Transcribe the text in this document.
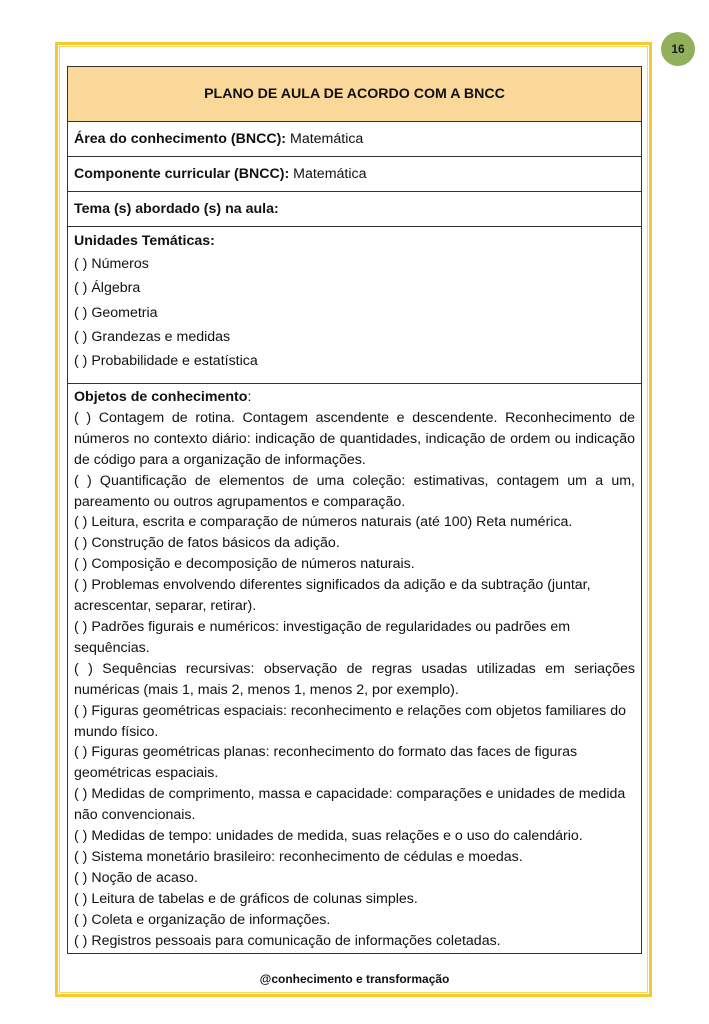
16
PLANO DE AULA DE ACORDO COM A BNCC
Área do conhecimento (BNCC): Matemática
Componente curricular (BNCC): Matemática
Tema (s) abordado (s) na aula:

Unidades Temáticas:
( ) Números
( ) Álgebra
( ) Geometria
( ) Grandezas e medidas
( ) Probabilidade e estatística

Objetos de conhecimento:
( ) Contagem de rotina. Contagem ascendente e descendente. Reconhecimento de números no contexto diário: indicação de quantidades, indicação de ordem ou indicação de código para a organização de informações.
( ) Quantificação de elementos de uma coleção: estimativas, contagem um a um, pareamento ou outros agrupamentos e comparação.
( ) Leitura, escrita e comparação de números naturais (até 100) Reta numérica.
( ) Construção de fatos básicos da adição.
( ) Composição e decomposição de números naturais.
( ) Problemas envolvendo diferentes significados da adição e da subtração (juntar, acrescentar, separar, retirar).
( ) Padrões figurais e numéricos: investigação de regularidades ou padrões em sequências.
( ) Sequências recursivas: observação de regras usadas utilizadas em seriações numéricas (mais 1, mais 2, menos 1, menos 2, por exemplo).
( ) Figuras geométricas espaciais: reconhecimento e relações com objetos familiares do mundo físico.
( ) Figuras geométricas planas: reconhecimento do formato das faces de figuras geométricas espaciais.
( ) Medidas de comprimento, massa e capacidade: comparações e unidades de medida não convencionais.
( ) Medidas de tempo: unidades de medida, suas relações e o uso do calendário.
( ) Sistema monetário brasileiro: reconhecimento de cédulas e moedas.
( ) Noção de acaso.
( ) Leitura de tabelas e de gráficos de colunas simples.
( ) Coleta e organização de informações.
( ) Registros pessoais para comunicação de informações coletadas.
@conhecimento e transformação
